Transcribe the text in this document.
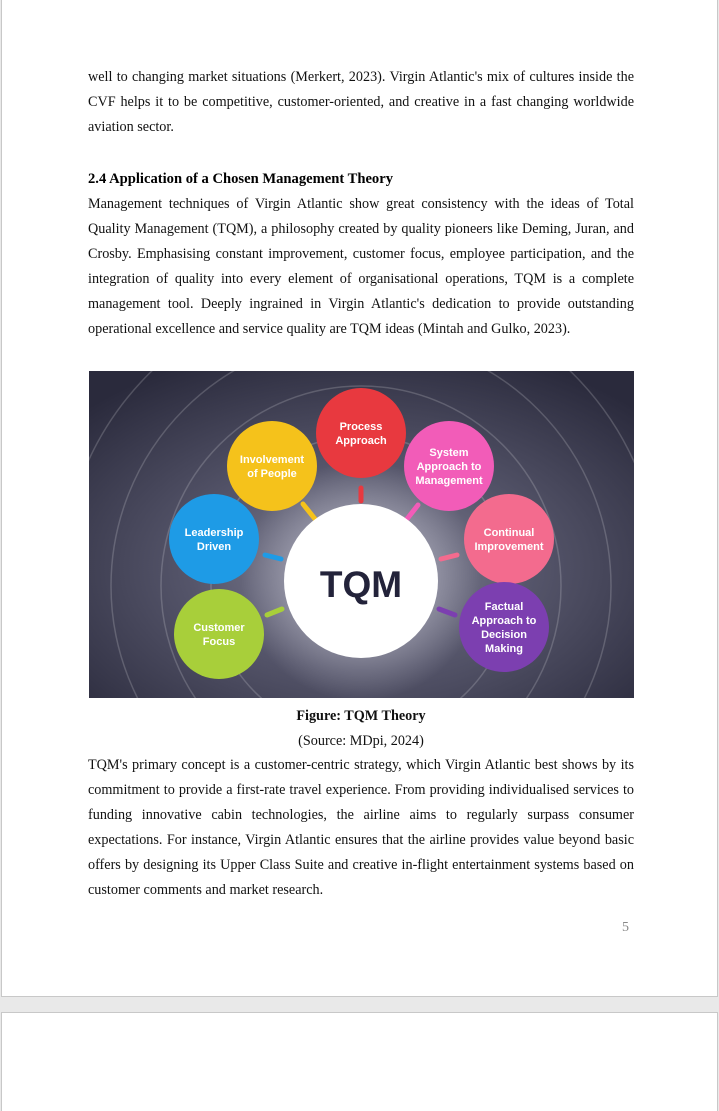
well to changing market situations (Merkert, 2023). Virgin Atlantic's mix of cultures inside the CVF helps it to be competitive, customer-oriented, and creative in a fast changing worldwide aviation sector.
2.4 Application of a Chosen Management Theory
Management techniques of Virgin Atlantic show great consistency with the ideas of Total Quality Management (TQM), a philosophy created by quality pioneers like Deming, Juran, and Crosby. Emphasising constant improvement, customer focus, employee participation, and the integration of quality into every element of organisational operations, TQM is a complete management tool. Deeply ingrained in Virgin Atlantic's dedication to provide outstanding operational excellence and service quality are TQM ideas (Mintah and Gulko, 2023).
Process
Approach
System
Approach to
Management
Continual
Improvement
Factual
Approach to
Decision
Making
Customer
Focus
Leadership
Driven
Involvement
of People
TQM
Figure: TQM Theory
(Source: MDpi, 2024)
TQM's primary concept is a customer-centric strategy, which Virgin Atlantic best shows by its commitment to provide a first-rate travel experience. From providing individualised services to funding innovative cabin technologies, the airline aims to regularly surpass consumer expectations. For instance, Virgin Atlantic ensures that the airline provides value beyond basic offers by designing its Upper Class Suite and creative in-flight entertainment systems based on customer comments and market research.
5
